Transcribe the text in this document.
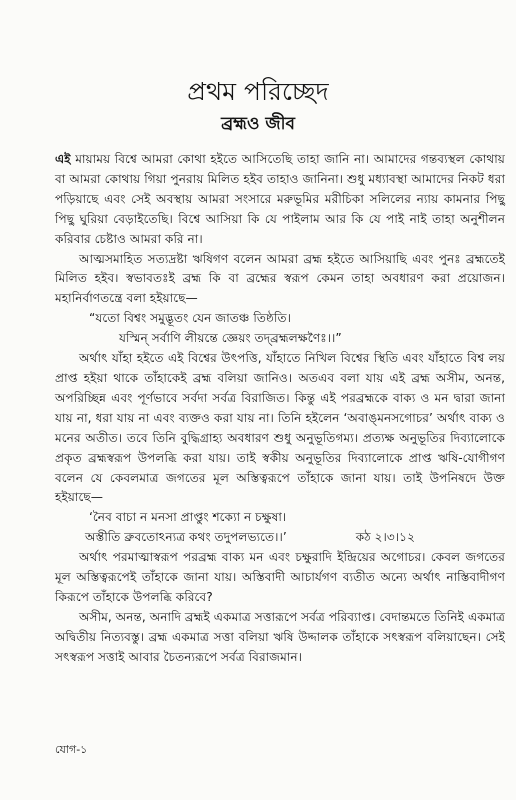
প্রথম পরিচ্ছেদ
ব্রহ্মও জীব

এই মায়াময় বিশ্বে আমরা কোথা হইতে আসিতেছি তাহা জানি না। আমাদের গন্তব্যস্থল কোথায় বা আমরা কোথায় গিয়া পুনরায় মিলিত হইব তাহাও জানিনা। শুধু মধ্যাবস্থা আমাদের নিকট ধরা পড়িয়াছে এবং সেই অবস্থায় আমরা সংসারে মরুভূমির মরীচিকা সলিলের ন্যায় কামনার পিছু পিছু ঘুরিয়া বেড়াইতেছি। বিশ্বে আসিয়া কি যে পাইলাম আর কি যে পাই নাই তাহা অনুশীলন করিবার চেষ্টাও আমরা করি না।

আত্মসমাহিত সত্যদ্রষ্টা ঋষিগণ বলেন আমরা ব্রহ্ম হইতে আসিয়াছি এবং পুনঃ ব্রহ্মতেই মিলিত হইব। স্বভাবতঃই ব্রহ্ম কি বা ব্রহ্মের স্বরূপ কেমন তাহা অবধারণ করা প্রয়োজন। মহানির্বাণতন্ত্রে বলা হইয়াছে—

“যতো বিশ্বং সমুদ্ভূতং যেন জাতঞ্চ তিষ্ঠতি।

যস্মিন্ সর্বাণি লীয়ন্তে জ্ঞেয়ং তদ্‌ব্রহ্মলক্ষণৈঃ।।”

অর্থাৎ যাঁহা হইতে এই বিশ্বের উৎপত্তি, যাঁহাতে নিখিল বিশ্বের স্থিতি এবং যাঁহাতে বিশ্ব লয় প্রাপ্ত হইয়া থাকে তাঁহাকেই ব্রহ্ম বলিয়া জানিও। অতএব বলা যায় এই ব্রহ্ম অসীম, অনন্ত, অপরিচ্ছিন্ন এবং পূর্ণভাবে সর্বদা সর্বত্র বিরাজিত। কিন্তু এই পরব্রহ্মকে বাক্য ও মন দ্বারা জানা যায় না, ধরা যায় না এবং ব্যক্তও করা যায় না। তিনি হইলেন ‘অবাঙ্‌মনসগোচর’ অর্থাৎ বাক্য ও মনের অতীত। তবে তিনি বুদ্ধিগ্রাহ্য অবধারণ শুধু অনুভূতিগম্য। প্রত্যক্ষ অনুভূতির দিব্যালোকে প্রকৃত ব্রহ্মস্বরূপ উপলব্ধি করা যায়। তাই স্বকীয় অনুভূতির দিব্যালোকে প্রাপ্ত ঋষি-যোগীগণ বলেন যে কেবলমাত্র জগতের মূল অস্তিত্বরূপে তাঁহাকে জানা যায়। তাই উপনিষদে উক্ত হইয়াছে—

‘নৈব বাচা ন মনসা প্রাপ্তুং শক্যো ন চক্ষুষা।

অস্তীতি ব্রুবতোঽন্যত্র কথং তদুপলভ্যতে।।’	কঠ ২।৩।১২

অর্থাৎ পরমাত্মাস্বরূপ পরব্রহ্ম বাক্য মন এবং চক্ষুরাদি ইন্দ্রিয়ের অগোচর। কেবল জগতের মূল অস্তিত্বরূপেই তাঁহাকে জানা যায়। অস্তিবাদী আচার্যগণ ব্যতীত অন্যে অর্থাৎ নাস্তিবাদীগণ কিরূপে তাঁহাকে উপলব্ধি করিবে?

অসীম, অনন্ত, অনাদি ব্রহ্মই একমাত্র সত্তারূপে সর্বত্র পরিব্যাপ্ত। বেদান্তমতে তিনিই একমাত্র অদ্বিতীয় নিত্যবস্তু। ব্রহ্ম একমাত্র সত্তা বলিয়া ঋষি উদ্দালক তাঁহাকে সৎস্বরূপ বলিয়াছেন। সেই সৎস্বরূপ সত্তাই আবার চৈতন্যরূপে সর্বত্র বিরাজমান।

যোগ-১
